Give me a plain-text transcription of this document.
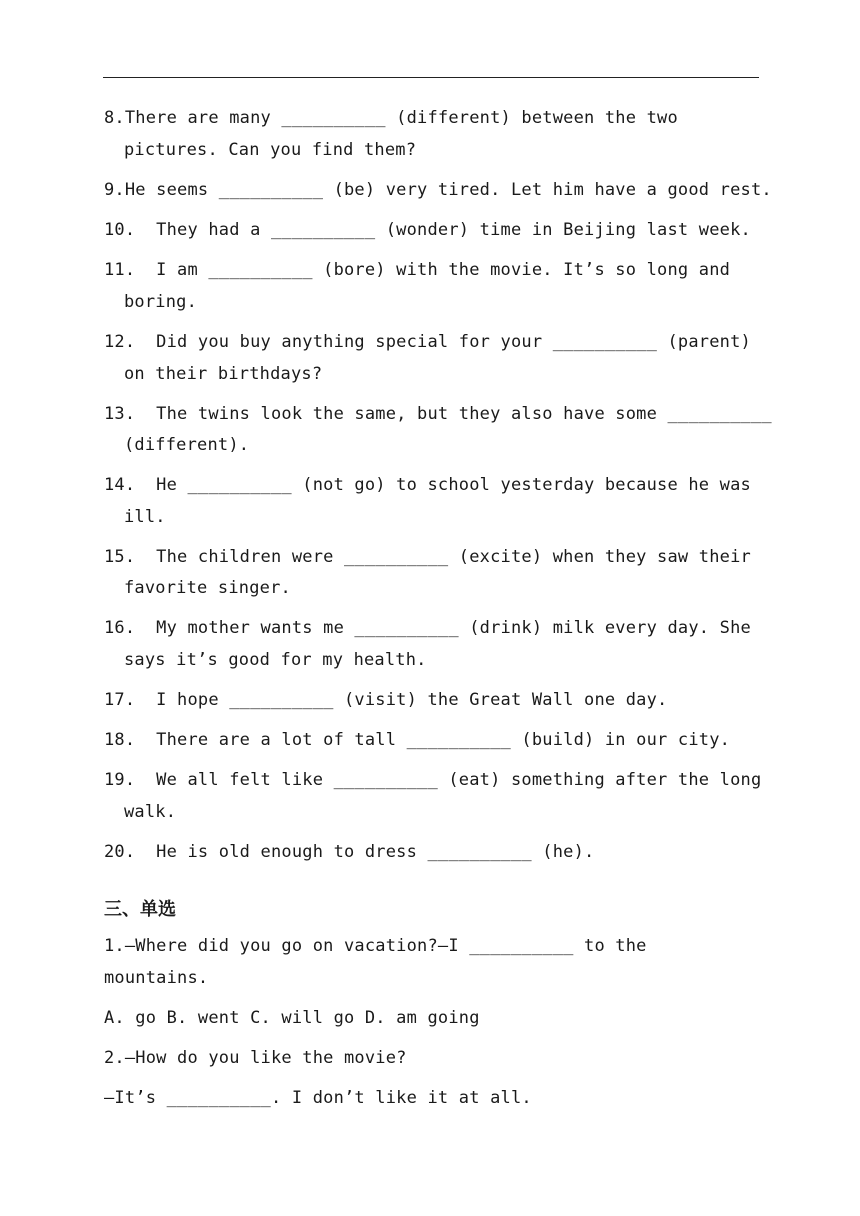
8.There are many __________ (different) between the two
pictures. Can you find them?
9.He seems __________ (be) very tired. Let him have a good rest.
10.  They had a __________ (wonder) time in Beijing last week.
11.  I am __________ (bore) with the movie. It’s so long and
boring.
12.  Did you buy anything special for your __________ (parent)
on their birthdays?
13.  The twins look the same, but they also have some __________
(different).
14.  He __________ (not go) to school yesterday because he was
ill.
15.  The children were __________ (excite) when they saw their
favorite singer.
16.  My mother wants me __________ (drink) milk every day. She
says it’s good for my health.
17.  I hope __________ (visit) the Great Wall one day.
18.  There are a lot of tall __________ (build) in our city.
19.  We all felt like __________ (eat) something after the long
walk.
20.  He is old enough to dress __________ (he).
三、单选
1.—Where did you go on vacation?—I __________ to the
mountains.
A. go B. went C. will go D. am going
2.—How do you like the movie?
—It’s __________. I don’t like it at all.
